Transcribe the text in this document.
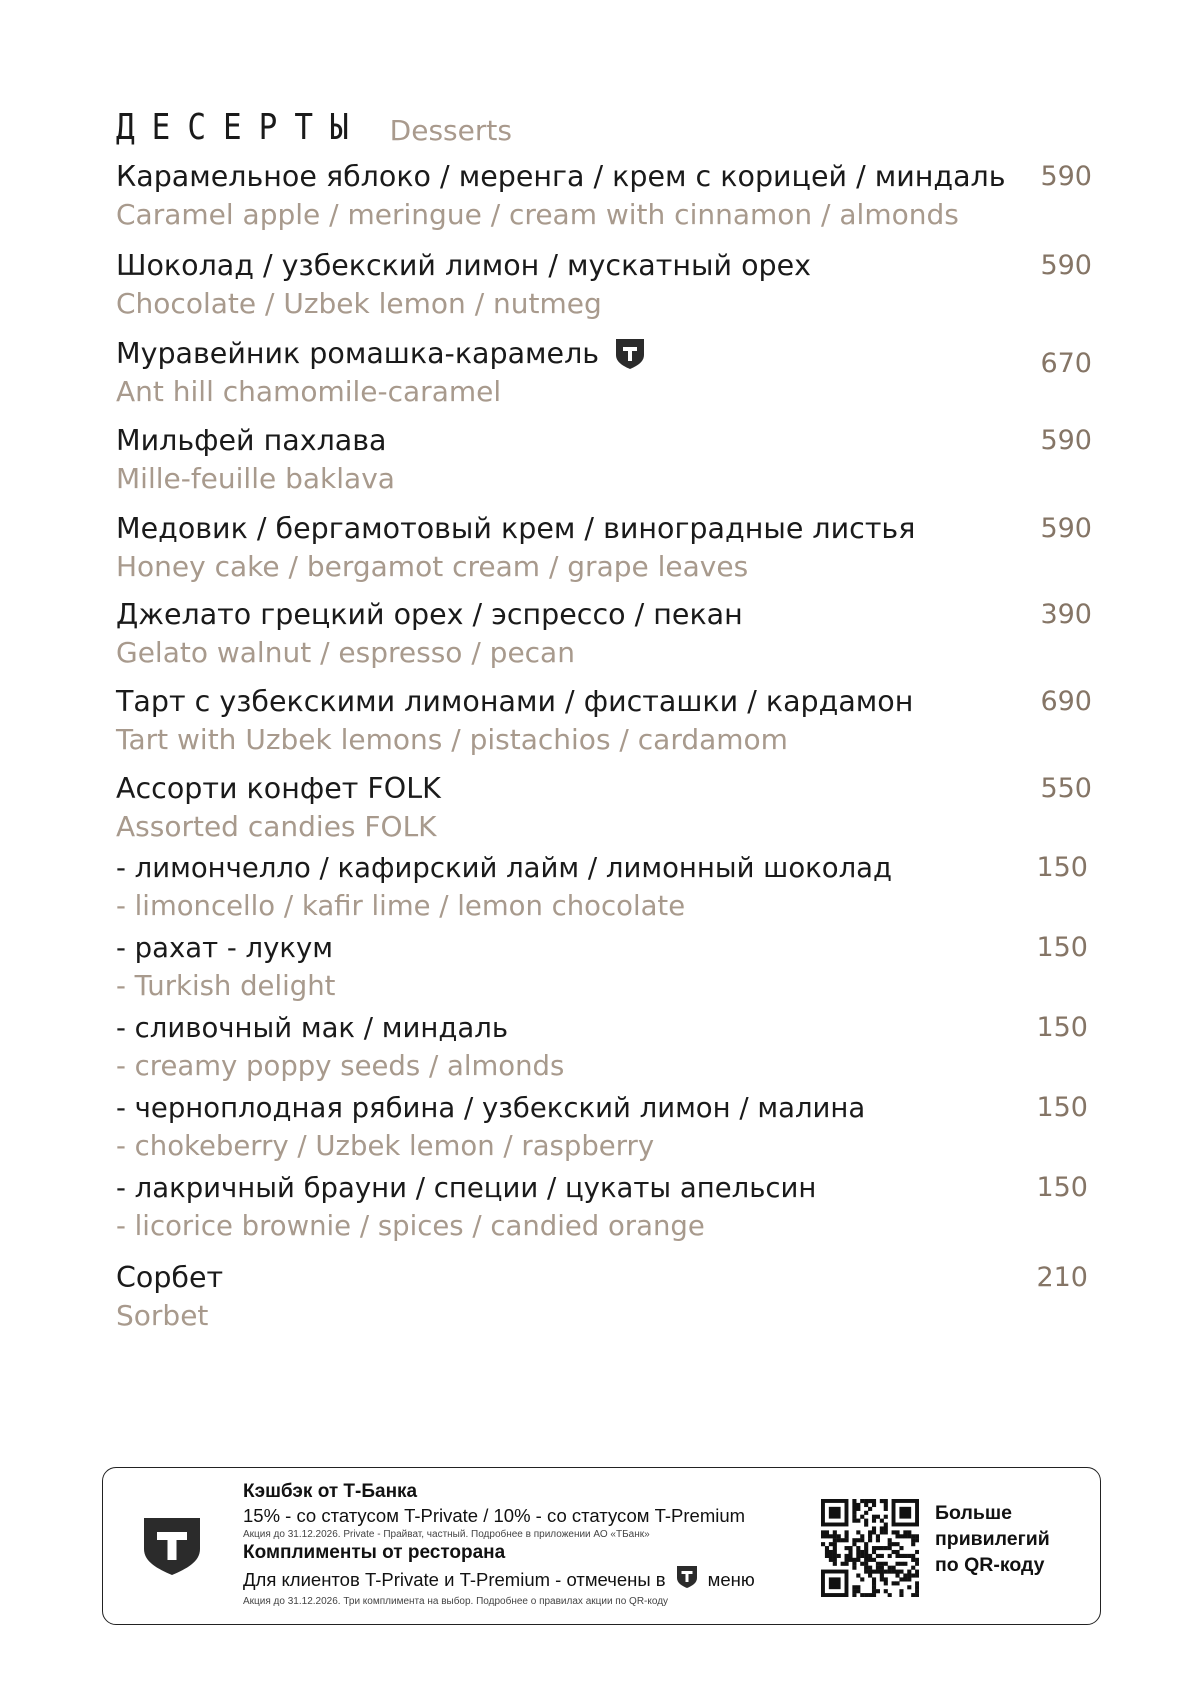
ДЕСЕРТЫ Desserts
Карамельное яблоко / меренга / крем с корицей / миндаль
Caramel apple / meringue / cream with cinnamon / almonds
590
Шоколад / узбекский лимон / мускатный орех
Chocolate / Uzbek lemon / nutmeg
590
Муравейник ромашка-карамель
Ant hill chamomile-caramel
670
Мильфей пахлава
Mille-feuille baklava
590
Медовик / бергамотовый крем / виноградные листья
Honey cake / bergamot cream / grape leaves
590
Джелато грецкий орех / эспрессо / пекан
Gelato walnut / espresso / pecan
390
Тарт с узбекскими лимонами / фисташки / кардамон
Tart with Uzbek lemons / pistachios / cardamom
690
Ассорти конфет FOLK
Assorted candies FOLK
550
- лимончелло / кафирский лайм / лимонный шоколад
- limoncello / kafir lime / lemon chocolate
150
- рахат - лукум
- Turkish delight
150
- сливочный мак / миндаль
- creamy poppy seeds / almonds
150
- черноплодная рябина / узбекский лимон / малина
- chokeberry / Uzbek lemon / raspberry
150
- лакричный брауни / специи / цукаты апельсин
- licorice brownie / spices / candied orange
150
Сорбет
Sorbet
210
Кэшбэк от Т-Банка
15% - со статусом T-Private / 10% - со статусом T-Premium
Акция до 31.12.2026. Private - Прайват, частный. Подробнее в приложении АО «ТБанк»
Комплименты от ресторана
Для клиентов T-Private и T-Premium - отмечены в меню
Акция до 31.12.2026. Три комплимента на выбор. Подробнее о правилах акции по QR-коду
Больше
привилегий
по QR-коду
